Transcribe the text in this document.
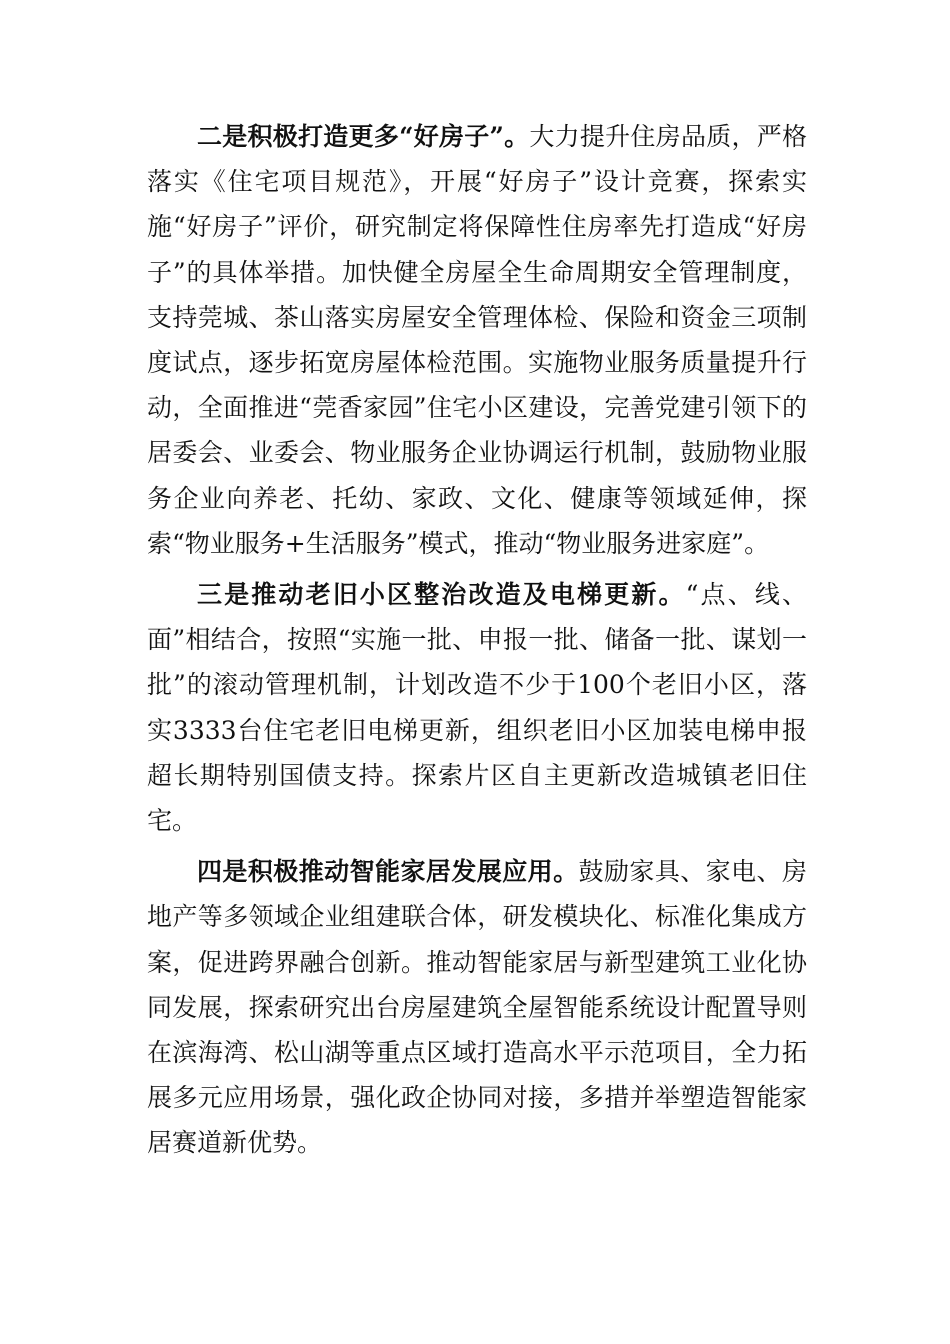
二是积极打造更多“好房子”。大力提升住房品质，严格落实《住宅项目规范》，开展“好房子”设计竞赛，探索实施“好房子”评价，研究制定将保障性住房率先打造成“好房子”的具体举措。加快健全房屋全生命周期安全管理制度，支持莞城、茶山落实房屋安全管理体检、保险和资金三项制度试点，逐步拓宽房屋体检范围。实施物业服务质量提升行动，全面推进“莞香家园”住宅小区建设，完善党建引领下的居委会、业委会、物业服务企业协调运行机制，鼓励物业服务企业向养老、托幼、家政、文化、健康等领域延伸，探索“物业服务+生活服务”模式，推动“物业服务进家庭”。

三是推动老旧小区整治改造及电梯更新。“点、线、面”相结合，按照“实施一批、申报一批、储备一批、谋划一批”的滚动管理机制，计划改造不少于100个老旧小区，落实3333台住宅老旧电梯更新，组织老旧小区加装电梯申报超长期特别国债支持。探索片区自主更新改造城镇老旧住宅。

四是积极推动智能家居发展应用。鼓励家具、家电、房地产等多领域企业组建联合体，研发模块化、标准化集成方案，促进跨界融合创新。推动智能家居与新型建筑工业化协同发展，探索研究出台房屋建筑全屋智能系统设计配置导则在滨海湾、松山湖等重点区域打造高水平示范项目，全力拓展多元应用场景，强化政企协同对接，多措并举塑造智能家居赛道新优势。
